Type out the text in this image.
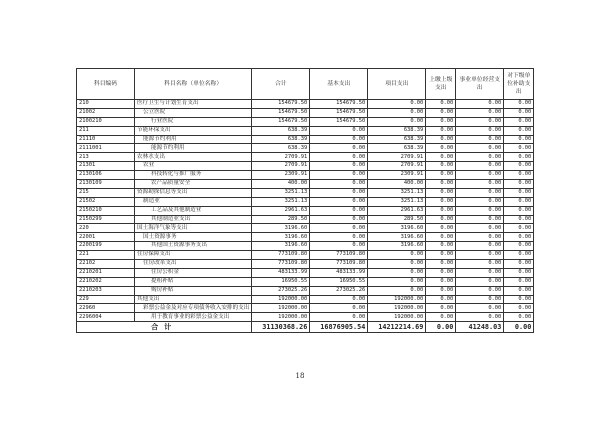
科目编码	科目名称（单位名称）	合计	基本支出	项目支出	上缴上级支出	事业单位经营支出	对下级单位补助支出
210	医疗卫生与计划生育支出	154679.50	154679.50	0.00	0.00	0.00	0.00
21002	公立医院	154679.50	154679.50	0.00	0.00	0.00	0.00
2100210	行业医院	154679.50	154679.50	0.00	0.00	0.00	0.00
211	节能环保支出	638.39	0.00	638.39	0.00	0.00	0.00
21110	能源节约利用	638.39	0.00	638.39	0.00	0.00	0.00
2111001	能源节约利用	638.39	0.00	638.39	0.00	0.00	0.00
213	农林水支出	2709.91	0.00	2709.91	0.00	0.00	0.00
21301	农业	2709.91	0.00	2709.91	0.00	0.00	0.00
2130106	科技转化与推广服务	2309.91	0.00	2309.91	0.00	0.00	0.00
2130109	农产品质量安全	400.00	0.00	400.00	0.00	0.00	0.00
215	资源勘探信息等支出	3251.13	0.00	3251.13	0.00	0.00	0.00
21502	制造业	3251.13	0.00	3251.13	0.00	0.00	0.00
2150210	工艺品及其他制造业	2961.63	0.00	2961.63	0.00	0.00	0.00
2150299	其他制造业支出	289.50	0.00	289.50	0.00	0.00	0.00
220	国土海洋气象等支出	3196.60	0.00	3196.60	0.00	0.00	0.00
22001	国土资源事务	3196.60	0.00	3196.60	0.00	0.00	0.00
2200199	其他国土资源事务支出	3196.60	0.00	3196.60	0.00	0.00	0.00
221	住房保障支出	773109.80	773109.80	0.00	0.00	0.00	0.00
22102	住房改革支出	773109.80	773109.80	0.00	0.00	0.00	0.00
2210201	住房公积金	483133.99	483133.99	0.00	0.00	0.00	0.00
2210202	提租补贴	16950.55	16950.55	0.00	0.00	0.00	0.00
2210203	购房补贴	273025.26	273025.26	0.00	0.00	0.00	0.00
229	其他支出	192000.00	0.00	192000.00	0.00	0.00	0.00
22960	彩票公益金及对应专项债务收入安排的支出	192000.00	0.00	192000.00	0.00	0.00	0.00
2296004	用于教育事业的彩票公益金支出	192000.00	0.00	192000.00	0.00	0.00	0.00
合计		31130368.26	16876905.54	14212214.69	0.00	41248.03	0.00
18
